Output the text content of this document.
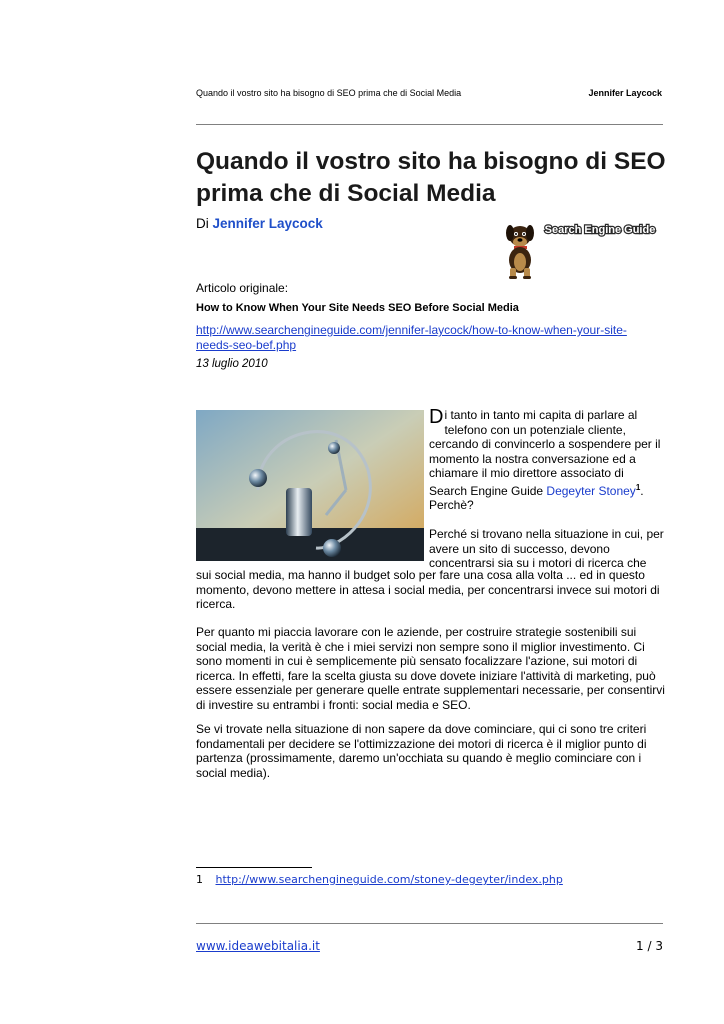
Quando il vostro sito ha bisogno di SEO prima che di Social Media	Jennifer Laycock
Quando il vostro sito ha bisogno di SEO prima che di Social Media
Di Jennifer Laycock	Search Engine Guide
Articolo originale:
How to Know When Your Site Needs SEO Before Social Media
http://www.searchengineguide.com/jennifer-laycock/how-to-know-when-your-site-needs-seo-bef.php
13 luglio 2010

Di tanto in tanto mi capita di parlare al telefono con un potenziale cliente, cercando di convincerlo a sospendere per il momento la nostra conversazione ed a chiamare il mio direttore associato di Search Engine Guide Degeyter Stoney$^1$. Perchè?

Perché si trovano nella situazione in cui, per avere un sito di successo, devono concentrarsi sia su i motori di ricerca che
sui social media, ma hanno il budget solo per fare una cosa alla volta ... ed in questo momento, devono mettere in attesa i social media, per concentrarsi invece sui motori di ricerca.
Per quanto mi piaccia lavorare con le aziende, per costruire strategie sostenibili sui social media, la verità è che i miei servizi non sempre sono il miglior investimento. Ci sono momenti in cui è semplicemente più sensato focalizzare l'azione, sui motori di ricerca. In effetti, fare la scelta giusta su dove dovete iniziare l'attività di marketing, può essere essenziale per generare quelle entrate supplementari necessarie, per consentirvi di investire su entrambi i fronti: social media e SEO.
Se vi trovate nella situazione di non sapere da dove cominciare, qui ci sono tre criteri fondamentali per decidere se l'ottimizzazione dei motori di ricerca è il miglior punto di partenza (prossimamente, daremo un'occhiata su quando è meglio cominciare con i social media).
1 http://www.searchengineguide.com/stoney-degeyter/index.php
www.ideawebitalia.it	1 / 3
